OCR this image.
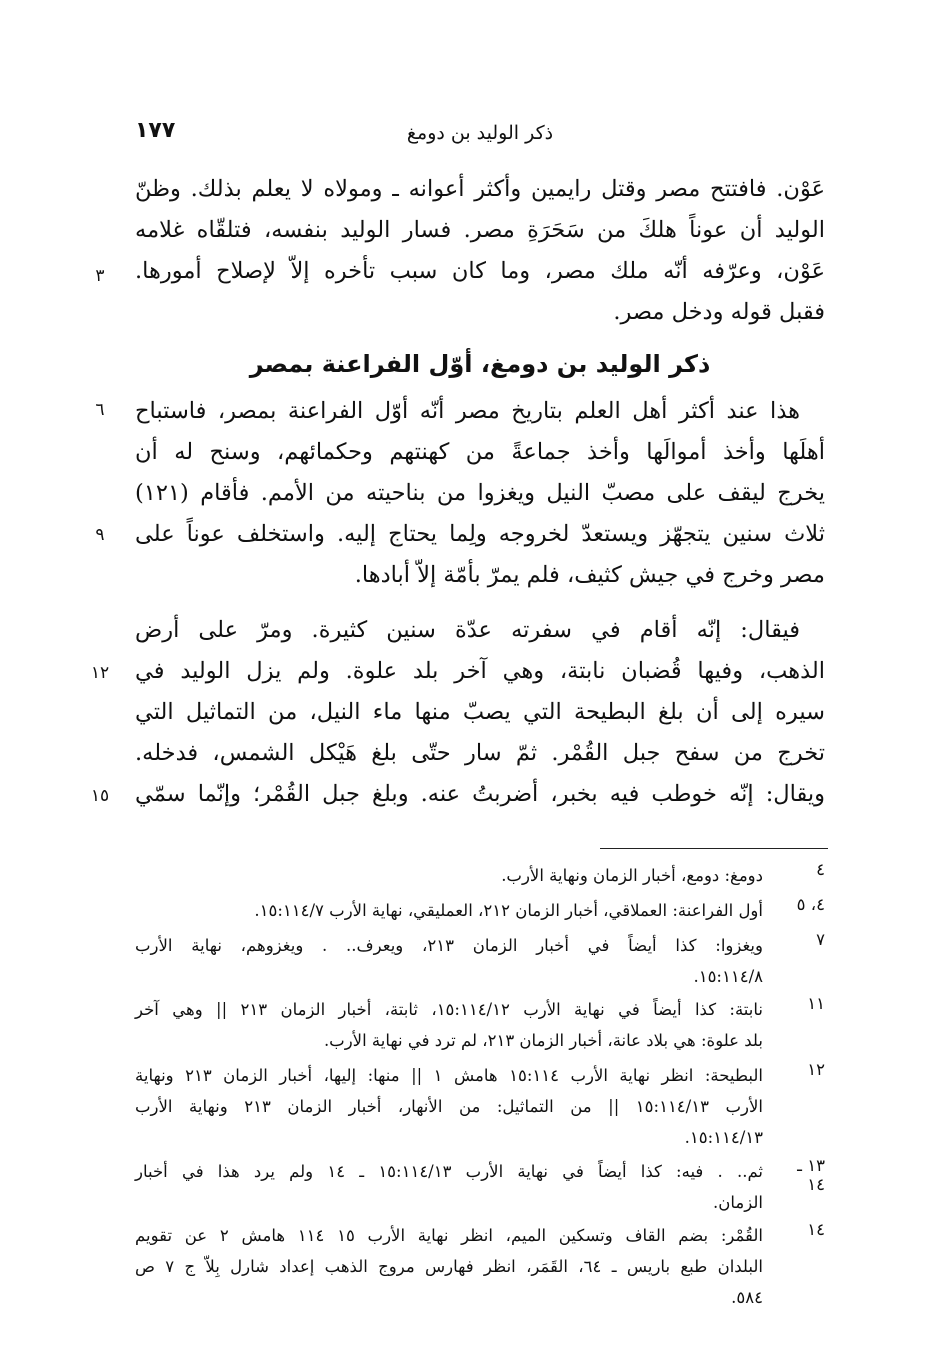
١٧٧	ذكر الوليد بن دومغ
عَوْن. فافتتح مصر وقتل رايمين وأكثر أعوانه ـ ومولاه لا يعلم بذلك. وظنّ
الوليد أن عوناً هلكَ من سَحَرَةِ مصر. فسار الوليد بنفسه، فتلقّاه غلامه
عَوْن، وعرّفه أنّه ملك مصر، وما كان سبب تأخره إلاّ لإصلاح أمورها.
فقبل قوله ودخل مصر.
ذكر الوليد بن دومغ، أوّل الفراعنة بمصر
هذا عند أكثر أهل العلم بتاريخ مصر أنّه أوّل الفراعنة بمصر، فاستباح
أهلَها وأخذ أموالَها وأخذ جماعةً من كهنتهم وحكمائهم، وسنح له أن
يخرج ليقف على مصبّ النيل ويغزوا من بناحيته من الأمم. فأقام (١٢١)
ثلاث سنين يتجهّز ويستعدّ لخروجه ولِما يحتاج إليه. واستخلف عوناً على
مصر وخرج في جيش كثيف، فلم يمرّ بأمّة إلاّ أبادها.
فيقال: إنّه أقام في سفرته عدّة سنين كثيرة. ومرّ على أرض
الذهب، وفيها قُضبان نابتة، وهي آخر بلد علوة. ولم يزل الوليد في
سيره إلى أن بلغ البطيحة التي يصبّ منها ماء النيل، من التماثيل التي
تخرج من سفح جبل القُمْر. ثمّ سار حتّى بلغ هَيْكل الشمس، فدخله.
ويقال: إنّه خوطب فيه بخبر، أضربتُ عنه. وبلغ جبل القُمْر؛ وإنّما سمّي
٣
٦
٩
١٢
١٥
٤
دومغ: دومع، أخبار الزمان ونهاية الأرب.
٤، ٥
أول الفراعنة: العملاقي، أخبار الزمان ٢١٢، العمليقي، نهاية الأرب ١٥:١١٤/٧.
٧
ويغزوا: كذا أيضاً في أخبار الزمان ٢١٣، ويعرف.. . ويغزوهم، نهاية الأرب
١٥:١١٤/٨.
١١
نابتة: كذا أيضاً في نهاية الأرب ١٥:١١٤/١٢، ثابتة، أخبار الزمان ٢١٣ || وهي آخر
بلد علوة: هي بلاد عانة، أخبار الزمان ٢١٣، لم ترد في نهاية الأرب.
١٢
البطيحة: انظر نهاية الأرب ١٥:١١٤ هامش ١ || منها: إليها، أخبار الزمان ٢١٣ ونهاية
الأرب ١٥:١١٤/١٣ || من التماثيل: من الأنهار، أخبار الزمان ٢١٣ ونهاية الأرب
١٥:١١٤/١٣.
١٣ ـ ١٤
ثم.. . فيه: كذا أيضاً في نهاية الأرب ١٥:١١٤/١٣ ـ ١٤ ولم يرد هذا في أخبار
الزمان.
١٤
القُمْر: بضم القاف وتسكين الميم، انظر نهاية الأرب ١٥ ١١٤ هامش ٢ عن تقويم
البلدان طبع باريس ـ ٦٤، القَمَر، انظر فهارس مروج الذهب إعداد شارل بِلاّ ج ٧ ص
٥٨٤.
